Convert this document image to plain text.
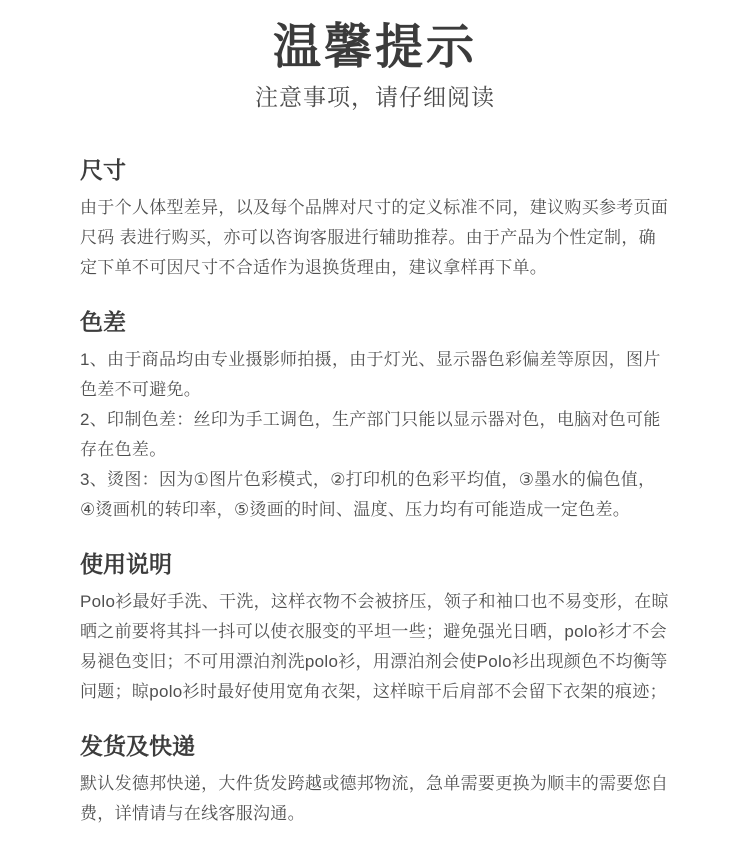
温馨提示

注意事项，请仔细阅读

尺寸

由于个人体型差异，以及每个品牌对尺寸的定义标准不同，建议购买参考页面尺码 表进行购买，亦可以咨询客服进行辅助推荐。由于产品为个性定制，确定下单不可因尺寸不合适作为退换货理由，建议拿样再下单。

色差

1、由于商品均由专业摄影师拍摄，由于灯光、显示器色彩偏差等原因，图片色差不可避免。

2、印制色差：丝印为手工调色，生产部门只能以显示器对色，电脑对色可能存在色差。

3、烫图：因为①图片色彩模式，②打印机的色彩平均值，③墨水的偏色值，④烫画机的转印率，⑤烫画的时间、温度、压力均有可能造成一定色差。

使用说明

Polo衫最好手洗、干洗，这样衣物不会被挤压，领子和袖口也不易变形，在晾晒之前要将其抖一抖可以使衣服变的平坦一些；避免强光日晒，polo衫才不会易褪色变旧；不可用漂泊剂洗polo衫，用漂泊剂会使Polo衫出现颜色不均衡等问题；晾polo衫时最好使用宽角衣架，这样晾干后肩部不会留下衣架的痕迹；

发货及快递

默认发德邦快递，大件货发跨越或德邦物流，急单需要更换为顺丰的需要您自费，详情请与在线客服沟通。
